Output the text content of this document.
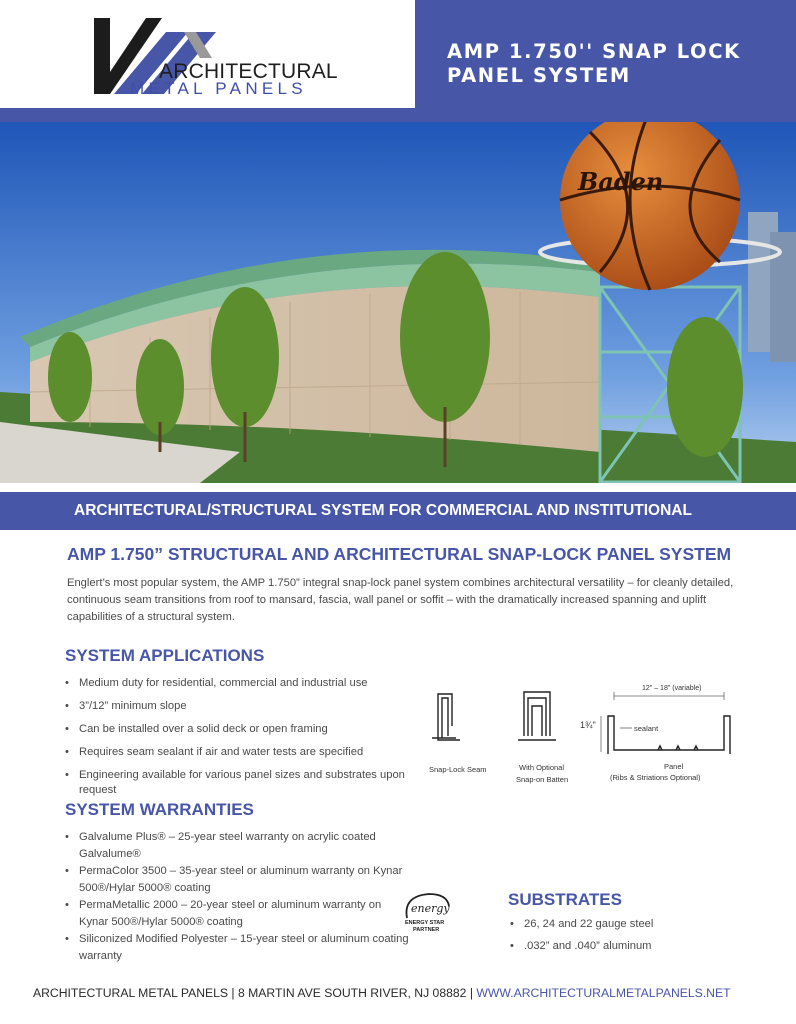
ARCHITECTURAL
METAL PANELS
AMP 1.750'' SNAP LOCK
PANEL SYSTEM
Baden
ARCHITECTURAL/STRUCTURAL SYSTEM FOR COMMERCIAL AND INSTITUTIONAL
AMP 1.750” STRUCTURAL AND ARCHITECTURAL SNAP-LOCK PANEL SYSTEM

Englert’s most popular system, the AMP 1.750” integral snap-lock panel system combines architectural versatility – for cleanly detailed, continuous seam transitions from roof to mansard, fascia, wall panel or soffit – with the dramatically increased spanning and uplift capabilities of a structural system.

SYSTEM APPLICATIONS
• Medium duty for residential, commercial and industrial use
• 3”/12” minimum slope
• Can be installed over a solid deck or open framing
• Requires seam sealant if air and water tests are specified
• Engineering available for various panel sizes and substrates upon request
12" – 18" (variable)
1¾"	sealant
Snap-Lock Seam	With Optional
Snap-on Batten
Panel
(Ribs & Striations Optional)
SYSTEM WARRANTIES
• Galvalume Plus® – 25-year steel warranty on acrylic coated Galvalume®
• PermaColor 3500 – 35-year steel or aluminum warranty on Kynar 500®/Hylar 5000® coating
• PermaMetallic 2000 – 20-year steel or aluminum warranty on Kynar 500®/Hylar 5000® coating
• Siliconized Modified Polyester – 15-year steel or aluminum coating warranty
energy
ENERGY STAR
PARTNER
SUBSTRATES
• 26, 24 and 22 gauge steel
• .032” and .040” aluminum
ARCHITECTURAL METAL PANELS | 8 MARTIN AVE SOUTH RIVER, NJ 08882 | WWW.ARCHITECTURALMETALPANELS.NET
